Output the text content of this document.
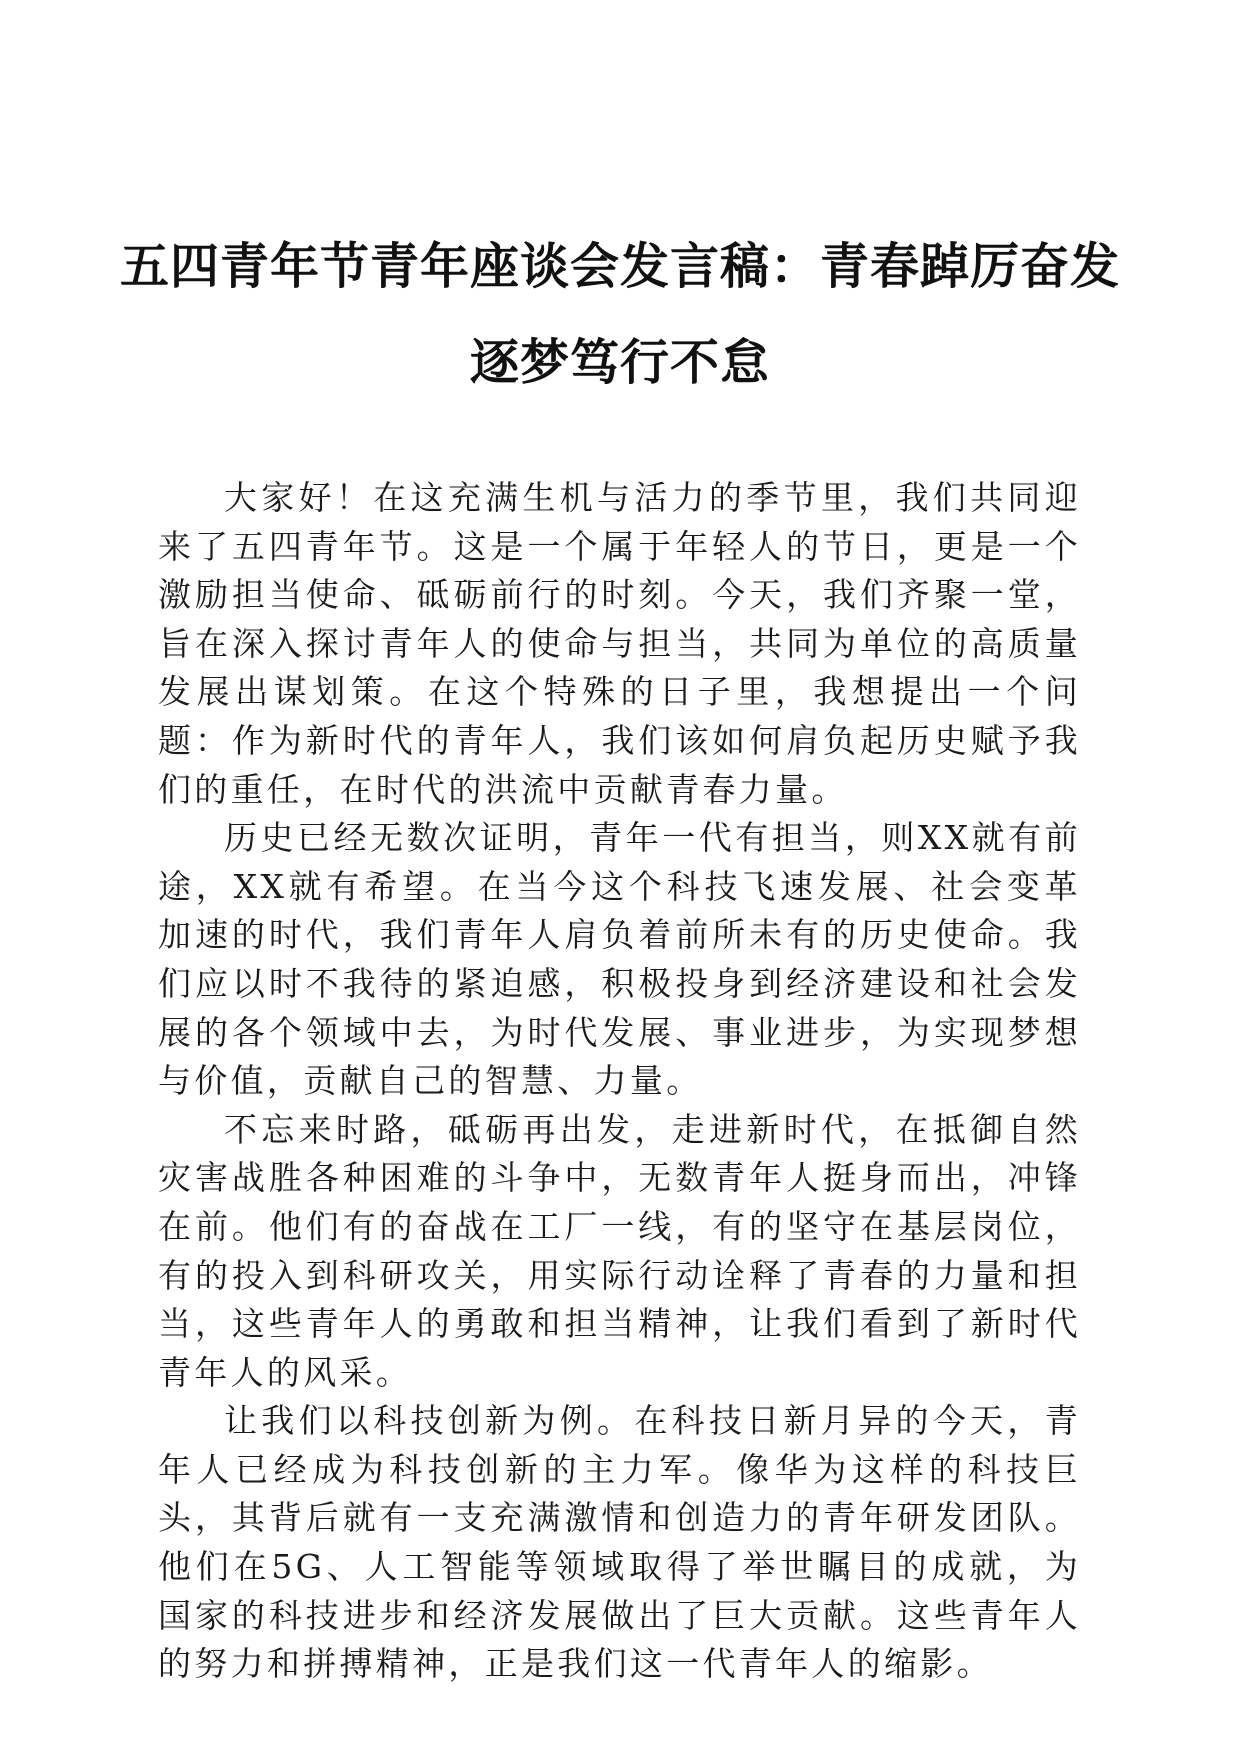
五四青年节青年座谈会发言稿：青春踔厉奋发
逐梦笃行不怠

大家好！在这充满生机与活力的季节里，我们共同迎来了五四青年节。这是一个属于年轻人的节日，更是一个激励担当使命、砥砺前行的时刻。今天，我们齐聚一堂，旨在深入探讨青年人的使命与担当，共同为单位的高质量发展出谋划策。在这个特殊的日子里，我想提出一个问题：作为新时代的青年人，我们该如何肩负起历史赋予我们的重任，在时代的洪流中贡献青春力量。

历史已经无数次证明，青年一代有担当，则XX就有前途，XX就有希望。在当今这个科技飞速发展、社会变革加速的时代，我们青年人肩负着前所未有的历史使命。我们应以时不我待的紧迫感，积极投身到经济建设和社会发展的各个领域中去，为时代发展、事业进步，为实现梦想与价值，贡献自己的智慧、力量。

不忘来时路，砥砺再出发，走进新时代，在抵御自然灾害战胜各种困难的斗争中，无数青年人挺身而出，冲锋在前。他们有的奋战在工厂一线，有的坚守在基层岗位，有的投入到科研攻关，用实际行动诠释了青春的力量和担当，这些青年人的勇敢和担当精神，让我们看到了新时代青年人的风采。

让我们以科技创新为例。在科技日新月异的今天，青年人已经成为科技创新的主力军。像华为这样的科技巨头，其背后就有一支充满激情和创造力的青年研发团队。他们在5G、人工智能等领域取得了举世瞩目的成就，为国家的科技进步和经济发展做出了巨大贡献。这些青年人的努力和拼搏精神，正是我们这一代青年人的缩影。
